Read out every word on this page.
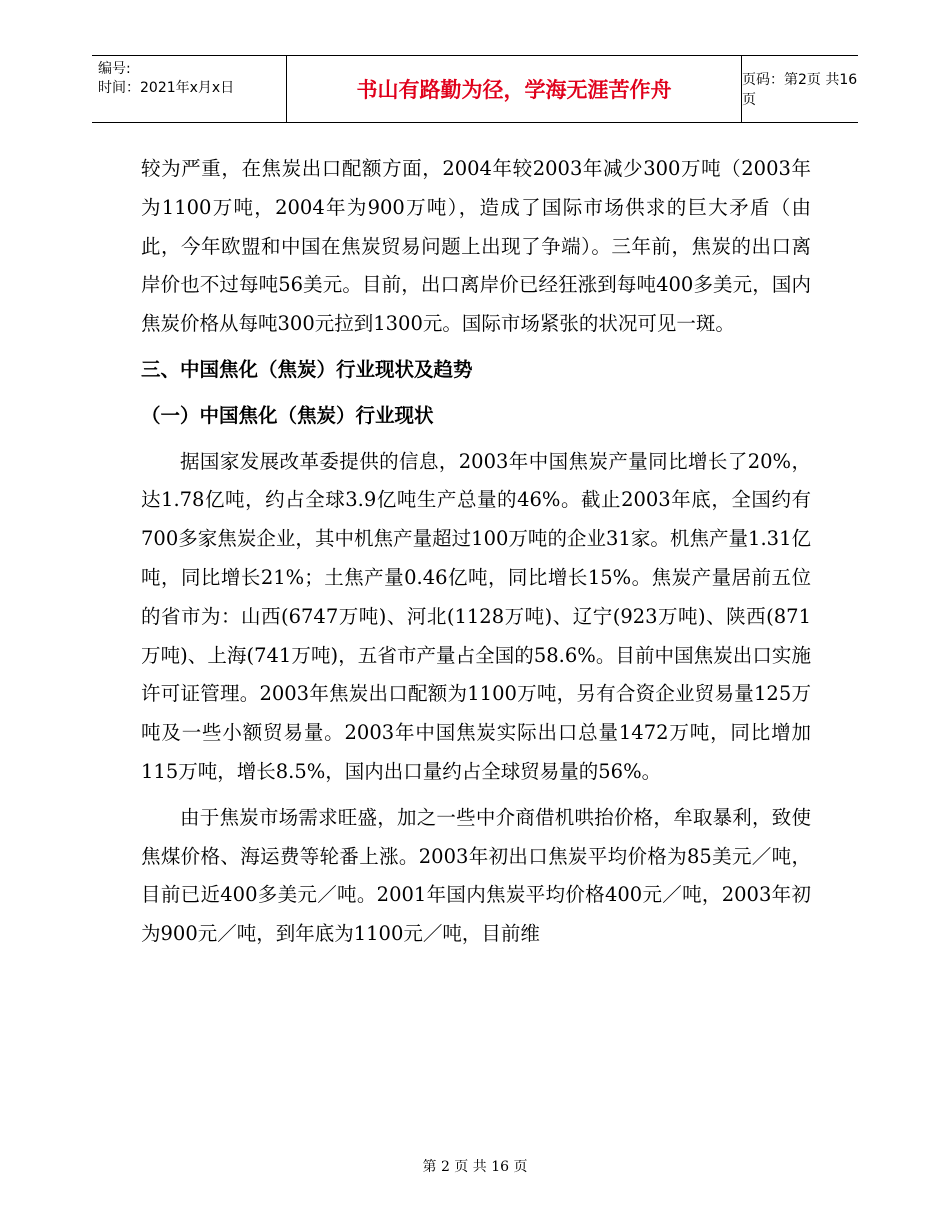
编号:
时间：2021年x月x日	书山有路勤为径，学海无涯苦作舟	页码：第2页 共16页

较为严重，在焦炭出口配额方面，2004年较2003年减少300万吨（2003年为1100万吨，2004年为900万吨），造成了国际市场供求的巨大矛盾（由此，今年欧盟和中国在焦炭贸易问题上出现了争端）。三年前，焦炭的出口离岸价也不过每吨56美元。目前，出口离岸价已经狂涨到每吨400多美元，国内焦炭价格从每吨300元拉到1300元。国际市场紧张的状况可见一斑。

三、中国焦化（焦炭）行业现状及趋势

（一）中国焦化（焦炭）行业现状

据国家发展改革委提供的信息，2003年中国焦炭产量同比增长了20%，达1.78亿吨，约占全球3.9亿吨生产总量的46%。截止2003年底，全国约有700多家焦炭企业，其中机焦产量超过100万吨的企业31家。机焦产量1.31亿吨，同比增长21%；土焦产量0.46亿吨，同比增长15%。焦炭产量居前五位的省市为：山西(6747万吨)、河北(1128万吨)、辽宁(923万吨)、陕西(871万吨)、上海(741万吨)，五省市产量占全国的58.6%。目前中国焦炭出口实施许可证管理。2003年焦炭出口配额为1100万吨，另有合资企业贸易量125万吨及一些小额贸易量。2003年中国焦炭实际出口总量1472万吨，同比增加115万吨，增长8.5%，国内出口量约占全球贸易量的56%。

由于焦炭市场需求旺盛，加之一些中介商借机哄抬价格，牟取暴利，致使焦煤价格、海运费等轮番上涨。2003年初出口焦炭平均价格为85美元／吨，目前已近400多美元／吨。2001年国内焦炭平均价格400元／吨，2003年初为900元／吨，到年底为1100元／吨，目前维

第 2 页 共 16 页
